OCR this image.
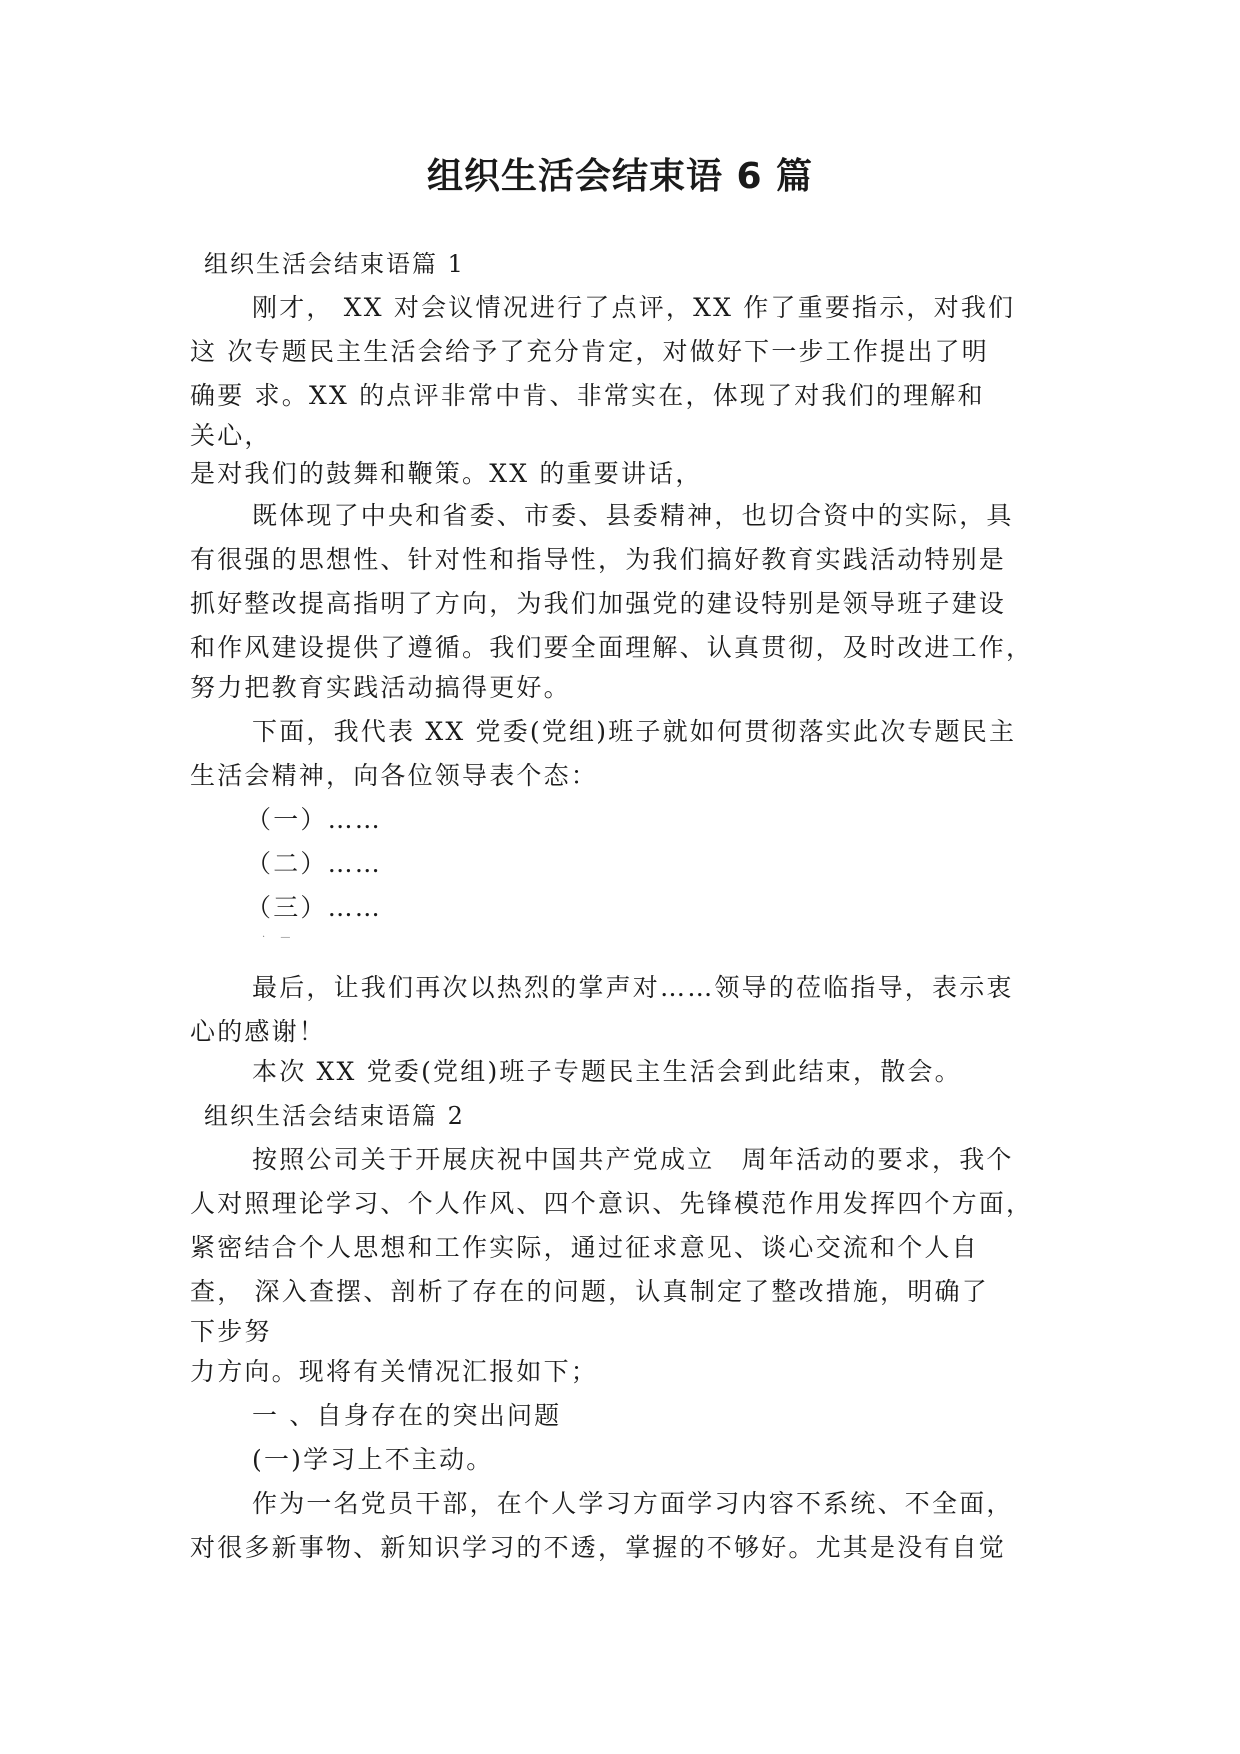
组织生活会结束语 6 篇

组织生活会结束语篇 1

刚才， XX 对会议情况进行了点评，XX 作了重要指示，对我们

这 次专题民主生活会给予了充分肯定，对做好下一步工作提出了明

确要 求。XX 的点评非常中肯、非常实在，体现了对我们的理解和

关心，

是对我们的鼓舞和鞭策。XX 的重要讲话，

既体现了中央和省委、市委、县委精神，也切合资中的实际，具

有很强的思想性、针对性和指导性，为我们搞好教育实践活动特别是

抓好整改提高指明了方向，为我们加强党的建设特别是领导班子建设

和作风建设提供了遵循。我们要全面理解、认真贯彻，及时改进工作，

努力把教育实践活动搞得更好。

下面，我代表 XX 党委(党组)班子就如何贯彻落实此次专题民主

生活会精神，向各位领导表个态：

（一）……

（二）……

（三）……

· —

最后，让我们再次以热烈的掌声对……领导的莅临指导，表示衷

心的感谢！

本次 XX 党委(党组)班子专题民主生活会到此结束，散会。

组织生活会结束语篇 2

按照公司关于开展庆祝中国共产党成立　周年活动的要求，我个

人对照理论学习、个人作风、四个意识、先锋模范作用发挥四个方面，

紧密结合个人思想和工作实际，通过征求意见、谈心交流和个人自

查， 深入查摆、剖析了存在的问题，认真制定了整改措施，明确了

下步努

力方向。现将有关情况汇报如下；

一 、自身存在的突出问题

(一)学习上不主动。

作为一名党员干部，在个人学习方面学习内容不系统、不全面，

对很多新事物、新知识学习的不透，掌握的不够好。尤其是没有自觉
